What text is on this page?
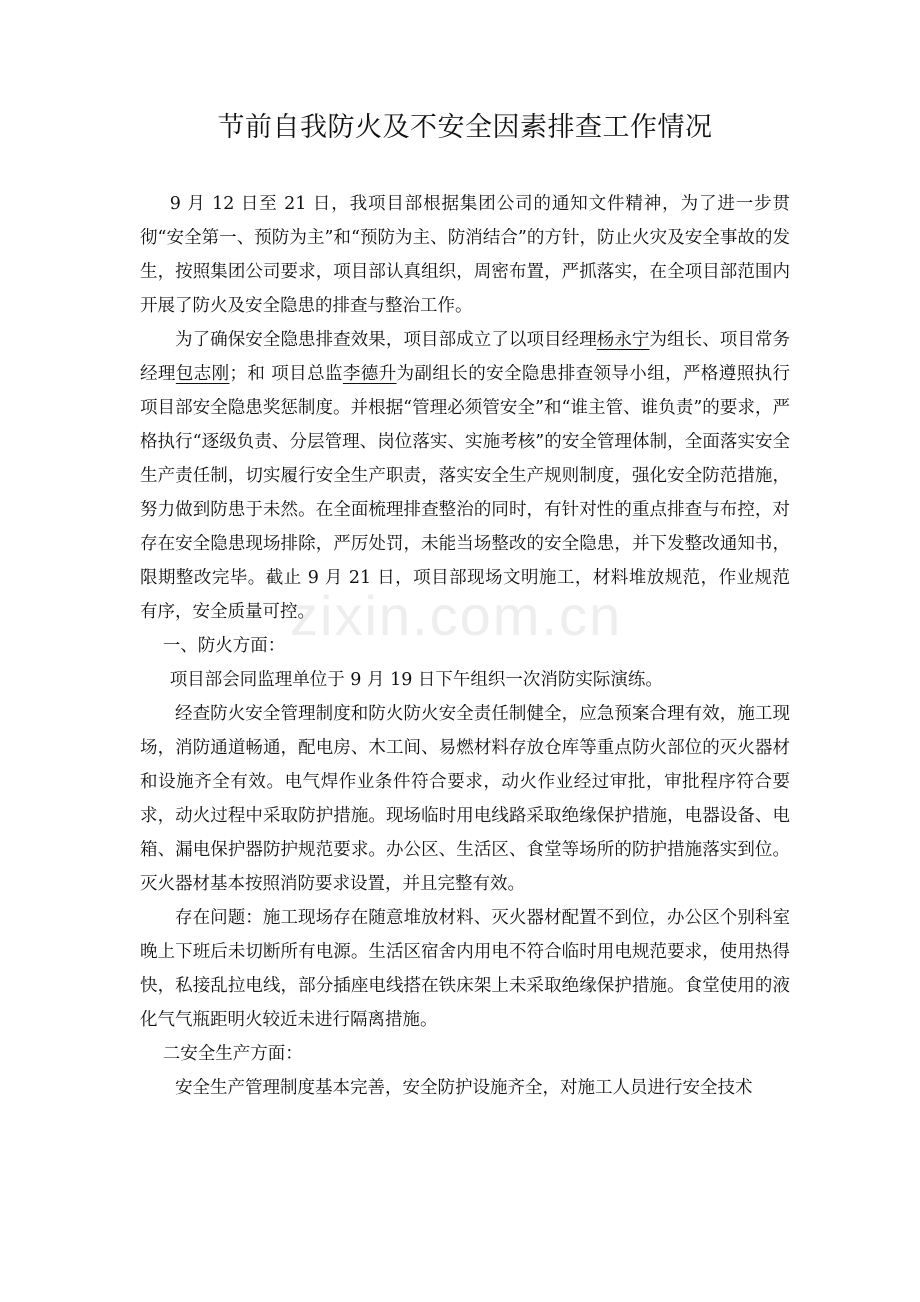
zixin.com.cn
节前自我防火及不安全因素排查工作情况

9 月 12 日至 21 日，我项目部根据集团公司的通知文件精神，为了进一步贯彻“安全第一、预防为主”和“预防为主、防消结合”的方针，防止火灾及安全事故的发生，按照集团公司要求，项目部认真组织，周密布置，严抓落实，在全项目部范围内开展了防火及安全隐患的排查与整治工作。

为了确保安全隐患排查效果，项目部成立了以项目经理杨永宁为组长、项目常务经理包志刚；和 项目总监李德升为副组长的安全隐患排查领导小组，严格遵照执行项目部安全隐患奖惩制度。并根据“管理必须管安全”和“谁主管、谁负责”的要求，严格执行“逐级负责、分层管理、岗位落实、实施考核”的安全管理体制，全面落实安全生产责任制，切实履行安全生产职责，落实安全生产规则制度，强化安全防范措施，努力做到防患于未然。在全面梳理排查整治的同时，有针对性的重点排查与布控，对存在安全隐患现场排除，严厉处罚，未能当场整改的安全隐患，并下发整改通知书，限期整改完毕。截止 9 月 21 日，项目部现场文明施工，材料堆放规范，作业规范有序，安全质量可控。

一、防火方面：

项目部会同监理单位于 9 月 19 日下午组织一次消防实际演练。

经查防火安全管理制度和防火防火安全责任制健全，应急预案合理有效，施工现场，消防通道畅通，配电房、木工间、易燃材料存放仓库等重点防火部位的灭火器材和设施齐全有效。电气焊作业条件符合要求，动火作业经过审批，审批程序符合要求，动火过程中采取防护措施。现场临时用电线路采取绝缘保护措施，电器设备、电箱、漏电保护器防护规范要求。办公区、生活区、食堂等场所的防护措施落实到位。灭火器材基本按照消防要求设置，并且完整有效。

存在问题：施工现场存在随意堆放材料、灭火器材配置不到位，办公区个别科室晚上下班后未切断所有电源。生活区宿舍内用电不符合临时用电规范要求，使用热得快，私接乱拉电线，部分插座电线搭在铁床架上未采取绝缘保护措施。食堂使用的液化气气瓶距明火较近未进行隔离措施。

二安全生产方面：

安全生产管理制度基本完善，安全防护设施齐全，对施工人员进行安全技术
